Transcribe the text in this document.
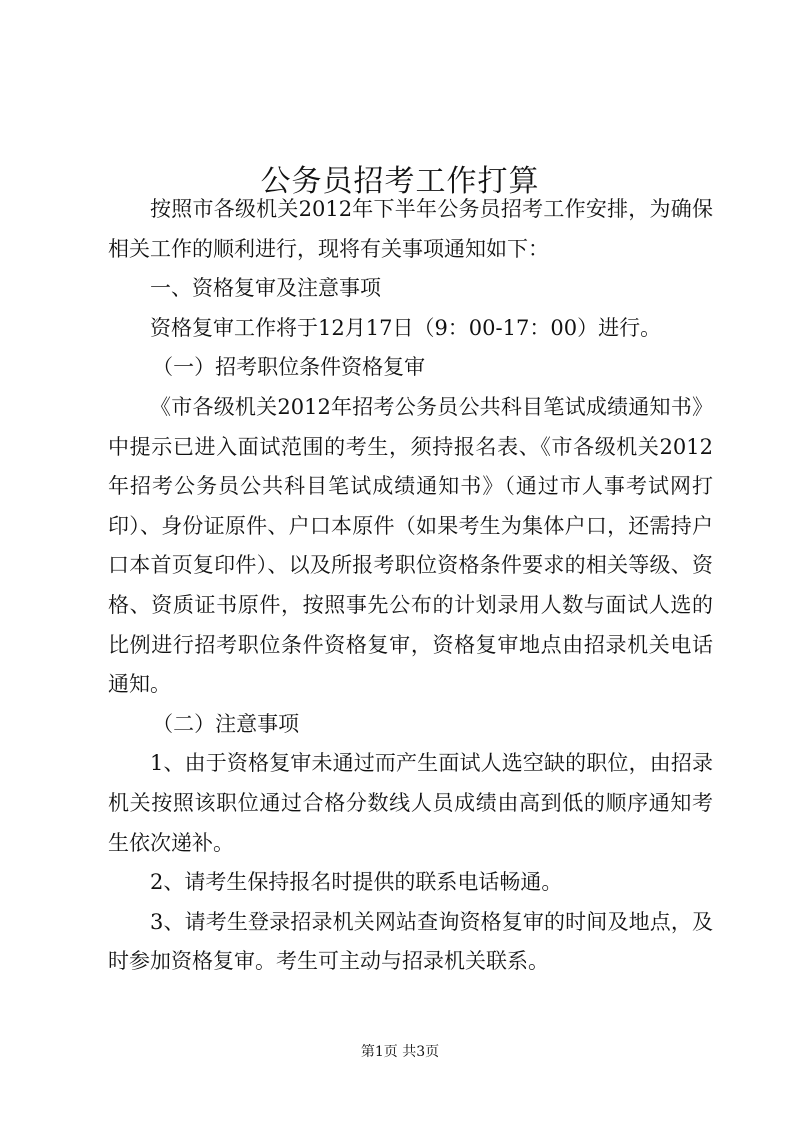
公务员招考工作打算

按照市各级机关2012年下半年公务员招考工作安排，为确保相关工作的顺利进行，现将有关事项通知如下：

一、资格复审及注意事项

资格复审工作将于12月17日（9：00-17：00）进行。

（一）招考职位条件资格复审

《市各级机关2012年招考公务员公共科目笔试成绩通知书》中提示已进入面试范围的考生，须持报名表、《市各级机关2012年招考公务员公共科目笔试成绩通知书》（通过市人事考试网打印）、身份证原件、户口本原件（如果考生为集体户口，还需持户口本首页复印件）、以及所报考职位资格条件要求的相关等级、资格、资质证书原件，按照事先公布的计划录用人数与面试人选的比例进行招考职位条件资格复审，资格复审地点由招录机关电话通知。

（二）注意事项

1、由于资格复审未通过而产生面试人选空缺的职位，由招录机关按照该职位通过合格分数线人员成绩由高到低的顺序通知考生依次递补。

2、请考生保持报名时提供的联系电话畅通。

3、请考生登录招录机关网站查询资格复审的时间及地点，及时参加资格复审。考生可主动与招录机关联系。

第1页 共3页
